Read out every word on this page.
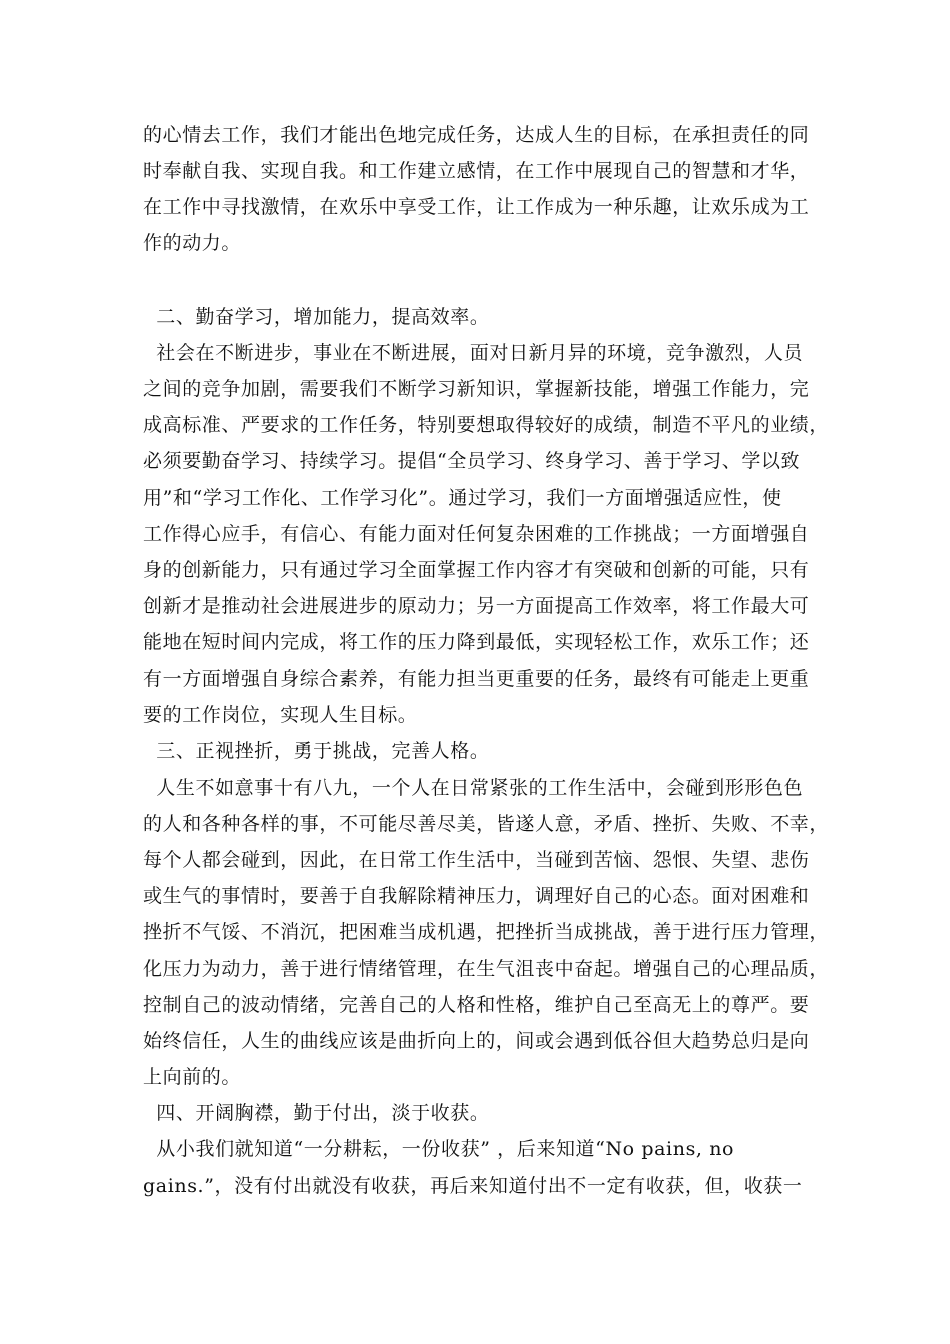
的心情去工作，我们才能出色地完成任务，达成人生的目标，在承担责任的同
时奉献自我、实现自我。和工作建立感情，在工作中展现自己的智慧和才华，
在工作中寻找激情，在欢乐中享受工作，让工作成为一种乐趣，让欢乐成为工
作的动力。
二、勤奋学习，增加能力，提高效率。
社会在不断进步，事业在不断进展，面对日新月异的环境，竞争激烈，人员
之间的竞争加剧，需要我们不断学习新知识，掌握新技能，增强工作能力，完
成高标准、严要求的工作任务，特别要想取得较好的成绩，制造不平凡的业绩，
必须要勤奋学习、持续学习。提倡“全员学习、终身学习、善于学习、学以致
用”和“学习工作化、工作学习化”。通过学习，我们一方面增强适应性，使
工作得心应手，有信心、有能力面对任何复杂困难的工作挑战；一方面增强自
身的创新能力，只有通过学习全面掌握工作内容才有突破和创新的可能，只有
创新才是推动社会进展进步的原动力；另一方面提高工作效率，将工作最大可
能地在短时间内完成，将工作的压力降到最低，实现轻松工作，欢乐工作；还
有一方面增强自身综合素养，有能力担当更重要的任务，最终有可能走上更重
要的工作岗位，实现人生目标。
三、正视挫折，勇于挑战，完善人格。
人生不如意事十有八九，一个人在日常紧张的工作生活中，会碰到形形色色
的人和各种各样的事，不可能尽善尽美，皆遂人意，矛盾、挫折、失败、不幸，
每个人都会碰到，因此，在日常工作生活中，当碰到苦恼、怨恨、失望、悲伤
或生气的事情时，要善于自我解除精神压力，调理好自己的心态。面对困难和
挫折不气馁、不消沉，把困难当成机遇，把挫折当成挑战，善于进行压力管理，
化压力为动力，善于进行情绪管理，在生气沮丧中奋起。增强自己的心理品质，
控制自己的波动情绪，完善自己的人格和性格，维护自己至高无上的尊严。要
始终信任，人生的曲线应该是曲折向上的，间或会遇到低谷但大趋势总归是向
上向前的。
四、开阔胸襟，勤于付出，淡于收获。
从小我们就知道“一分耕耘，一份收获” ，后来知道“No pains, no
gains.”，没有付出就没有收获，再后来知道付出不一定有收获，但，收获一
